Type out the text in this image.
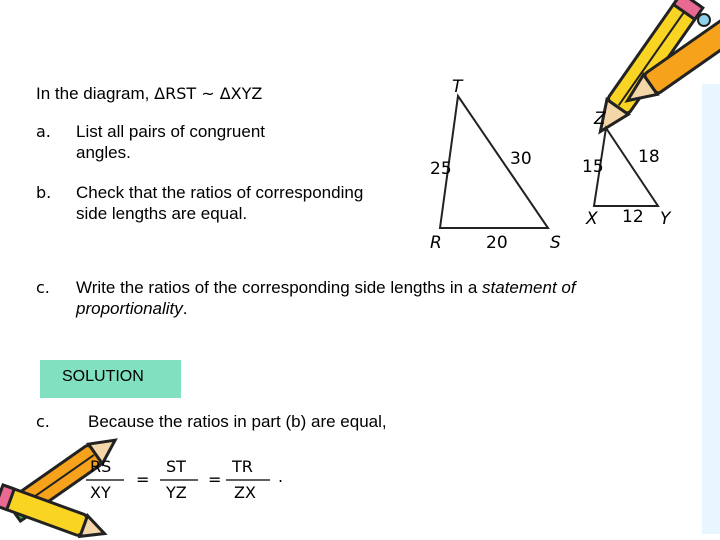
In the diagram, ΔRST ~ ΔXYZ
a. List all pairs of congruent angles.
b. Check that the ratios of corresponding side lengths are equal.
c. Write the ratios of the corresponding side lengths in a statement of proportionality.
T
R	S
25	30
20
Z
X	Y
15 18
12
SOLUTION
c. Because the ratios in part (b) are equal,
RS
XY
=
ST
YZ
=
TR
ZX
.
